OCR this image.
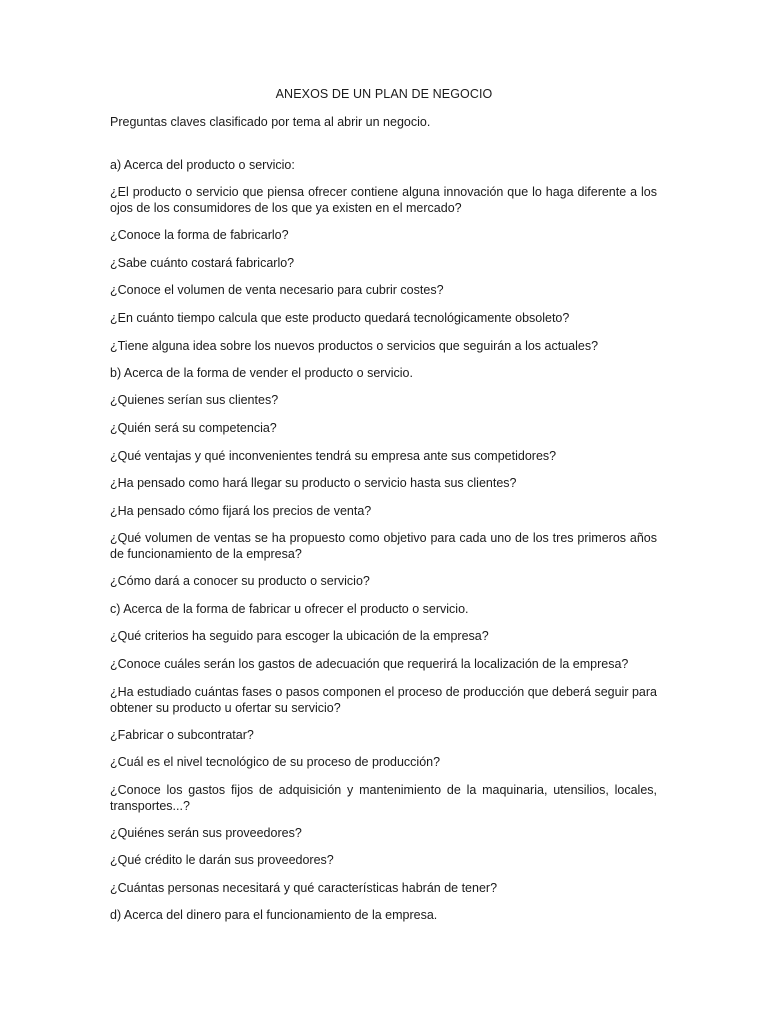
ANEXOS DE UN PLAN DE NEGOCIO

Preguntas claves clasificado por tema al abrir un negocio.

a) Acerca del producto o servicio:

¿El producto o servicio que piensa ofrecer contiene alguna innovación que lo haga diferente a los ojos de los consumidores de los que ya existen en el mercado?

¿Conoce la forma de fabricarlo?

¿Sabe cuánto costará fabricarlo?

¿Conoce el volumen de venta necesario para cubrir costes?

¿En cuánto tiempo calcula que este producto quedará tecnológicamente obsoleto?

¿Tiene alguna idea sobre los nuevos productos o servicios que seguirán a los actuales?

b) Acerca de la forma de vender el producto o servicio.

¿Quienes serían sus clientes?

¿Quién será su competencia?

¿Qué ventajas y qué inconvenientes tendrá su empresa ante sus competidores?

¿Ha pensado como hará llegar su producto o servicio hasta sus clientes?

¿Ha pensado cómo fijará los precios de venta?

¿Qué volumen de ventas se ha propuesto como objetivo para cada uno de los tres primeros años de funcionamiento de la empresa?

¿Cómo dará a conocer su producto o servicio?

c) Acerca de la forma de fabricar u ofrecer el producto o servicio.

¿Qué criterios ha seguido para escoger la ubicación de la empresa?

¿Conoce cuáles serán los gastos de adecuación que requerirá la localización de la empresa?

¿Ha estudiado cuántas fases o pasos componen el proceso de producción que deberá seguir para obtener su producto u ofertar su servicio?

¿Fabricar o subcontratar?

¿Cuál es el nivel tecnológico de su proceso de producción?

¿Conoce los gastos fijos de adquisición y mantenimiento de la maquinaria, utensilios, locales, transportes...?

¿Quiénes serán sus proveedores?

¿Qué crédito le darán sus proveedores?

¿Cuántas personas necesitará y qué características habrán de tener?

d) Acerca del dinero para el funcionamiento de la empresa.
